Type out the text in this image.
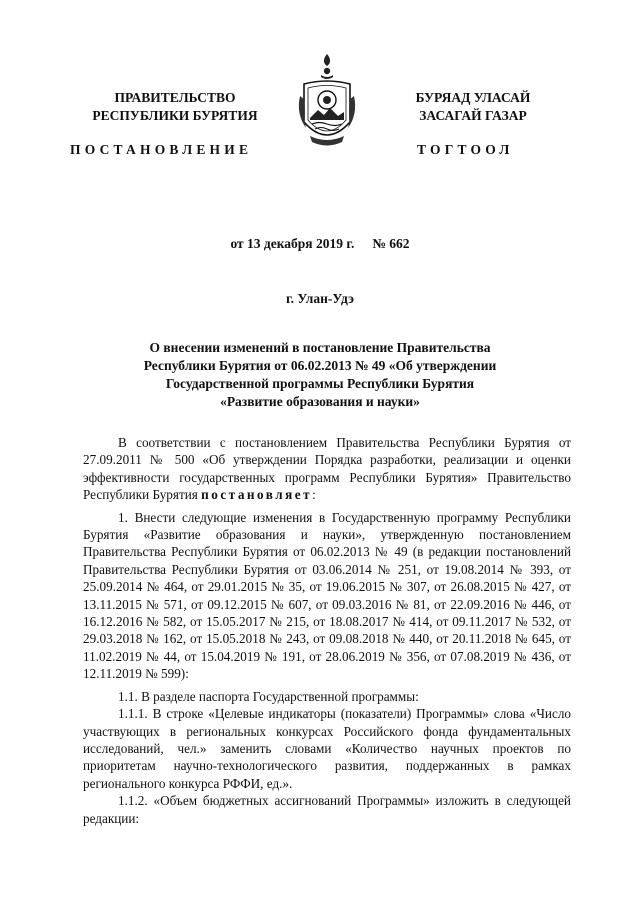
ПРАВИТЕЛЬСТВО
РЕСПУБЛИКИ БУРЯТИЯ
БУРЯАД УЛАСАЙ
ЗАСАГАЙ ГАЗАР
ПОСТАНОВЛЕНИЕ	ТОГТООЛ
от 13 декабря 2019 г. № 662
г. Улан-Удэ
О внесении изменений в постановление Правительства
Республики Бурятия от 06.02.2013 № 49 «Об утверждении
Государственной программы Республики Бурятия
«Развитие образования и науки»

В соответствии с постановлением Правительства Республики Бурятия от 27.09.2011 № 500 «Об утверждении Порядка разработки, реализации и оценки эффективности государственных программ Республики Бурятия» Правительство Республики Бурятия постановляет:

1. Внести следующие изменения в Государственную программу Республики Бурятия «Развитие образования и науки», утвержденную постановлением Правительства Республики Бурятия от 06.02.2013 № 49 (в редакции постановлений Правительства Республики Бурятия от 03.06.2014 № 251, от 19.08.2014 № 393, от 25.09.2014 № 464, от 29.01.2015 № 35, от 19.06.2015 № 307, от 26.08.2015 № 427, от 13.11.2015 № 571, от 09.12.2015 № 607, от 09.03.2016 № 81, от 22.09.2016 № 446, от 16.12.2016 № 582, от 15.05.2017 № 215, от 18.08.2017 № 414, от 09.11.2017 № 532, от 29.03.2018 № 162, от 15.05.2018 № 243, от 09.08.2018 № 440, от 20.11.2018 № 645, от 11.02.2019 № 44, от 15.04.2019 № 191, от 28.06.2019 № 356, от 07.08.2019 № 436, от 12.11.2019 № 599):

1.1. В разделе паспорта Государственной программы:

1.1.1. В строке «Целевые индикаторы (показатели) Программы» слова «Число участвующих в региональных конкурсах Российского фонда фундаментальных исследований, чел.» заменить словами «Количество научных проектов по приоритетам научно-технологического развития, поддержанных в рамках регионального конкурса РФФИ, ед.».

1.1.2. «Объем бюджетных ассигнований Программы» изложить в следующей редакции:
